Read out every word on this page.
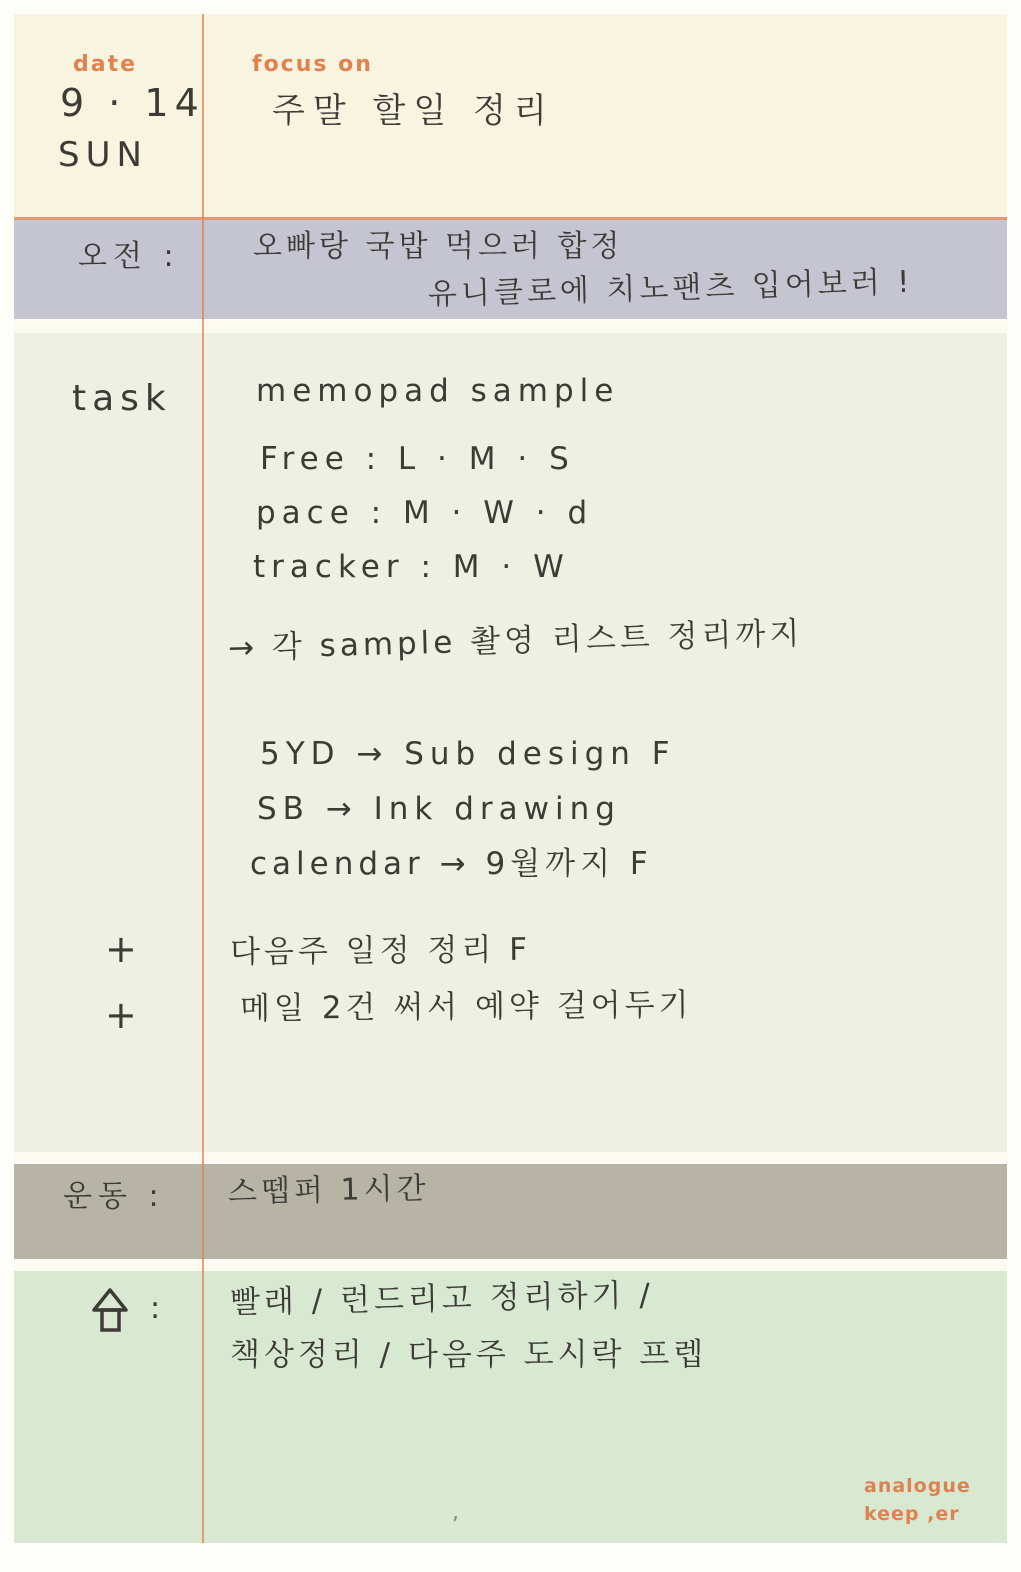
date	focus on
9 · 14
SUN
주말 할일 정리
오전 : 오빠랑 국밥 먹으러 합정
유니클로에 치노팬츠 입어보러 !
task	memopad sample
Free : L · M · S
pace : M · W · d
tracker : M · W
→ 각 sample 촬영 리스트 정리까지
5YD → Sub design F
SB → Ink drawing
calendar → 9월까지 F
+	다음주 일정 정리 F
+	메일 2건 써서 예약 걸어두기
운동 : 스뗍퍼 1시간
: 빨래 / 런드리고 정리하기 /
책상정리 / 다음주 도시락 프렙
analogue
keep ,er
,
